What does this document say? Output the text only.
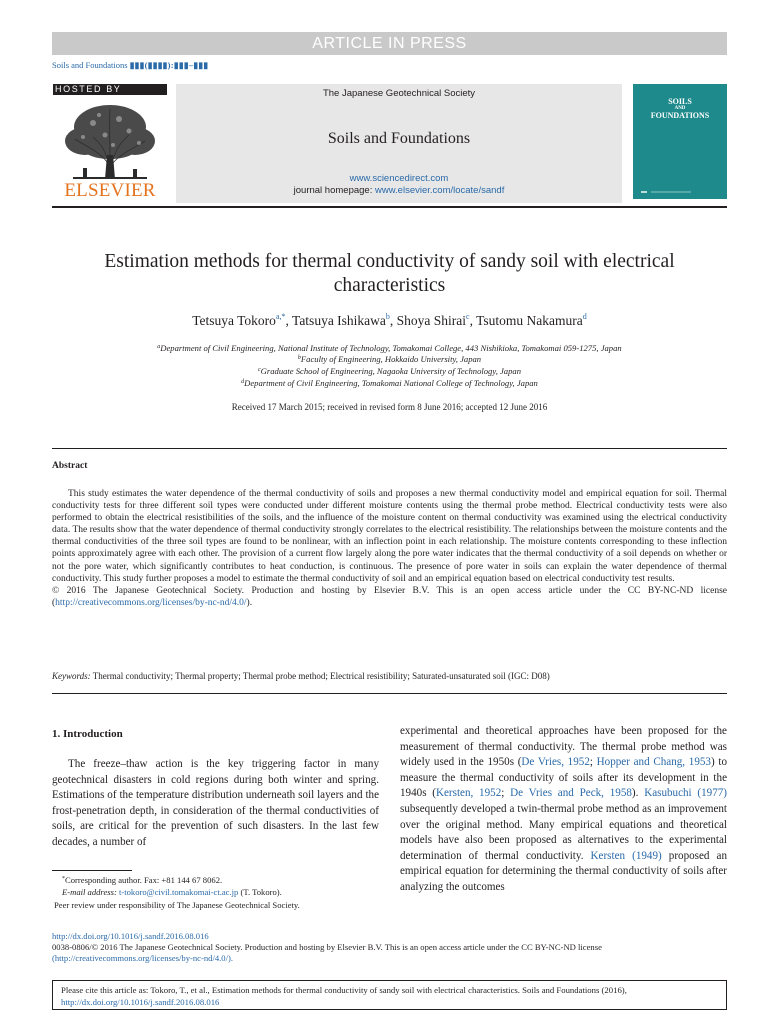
ARTICLE IN PRESS
Soils and Foundations ▮▮▮(▮▮▮▮):▮▮▮–▮▮▮
HOSTED BY
ELSEVIER
The Japanese Geotechnical Society
Soils and Foundations
www.sciencedirect.com
journal homepage: www.elsevier.com/locate/sandf
SOILS
AND
FOUNDATIONS
Estimation methods for thermal conductivity of sandy soil with electrical characteristics
Tetsuya Tokoro$^{a,*}$, Tatsuya Ishikawa$^b$, Shoya Shirai$^c$, Tsutomu Nakamura$^d$
$^a$Department of Civil Engineering, National Institute of Technology, Tomakomai College, 443 Nishikioka, Tomakomai 059-1275, Japan
$^b$Faculty of Engineering, Hokkaido University, Japan
$^c$Graduate School of Engineering, Nagaoka University of Technology, Japan
$^d$Department of Civil Engineering, Tomakomai National College of Technology, Japan
Received 17 March 2015; received in revised form 8 June 2016; accepted 12 June 2016
Abstract

This study estimates the water dependence of the thermal conductivity of soils and proposes a new thermal conductivity model and empirical equation for soil. Thermal conductivity tests for three different soil types were conducted under different moisture contents using the thermal probe method. Electrical conductivity tests were also performed to obtain the electrical resistibilities of the soils, and the influence of the moisture content on thermal conductivity was examined using the electrical conductivity data. The results show that the water dependence of thermal conductivity strongly correlates to the electrical resistibility. The relationships between the moisture contents and the thermal conductivities of the three soil types are found to be nonlinear, with an inflection point in each relationship. The moisture contents corresponding to these inflection points approximately agree with each other. The provision of a current flow largely along the pore water indicates that the thermal conductivity of a soil depends on whether or not the pore water, which significantly contributes to heat conduction, is continuous. The presence of pore water in soils can explain the water dependence of thermal conductivity. This study further proposes a model to estimate the thermal conductivity of soil and an empirical equation based on electrical conductivity test results.

© 2016 The Japanese Geotechnical Society. Production and hosting by Elsevier B.V. This is an open access article under the CC BY-NC-ND license (http://creativecommons.org/licenses/by-nc-nd/4.0/).

Keywords: Thermal conductivity; Thermal property; Thermal probe method; Electrical resistibility; Saturated-unsaturated soil (IGC: D08)
1. Introduction
The freeze–thaw action is the key triggering factor in many geotechnical disasters in cold regions during both winter and spring. Estimations of the temperature distribution underneath soil layers and the frost-penetration depth, in consideration of the thermal conductivities of soils, are critical for the prevention of such disasters. In the last few decades, a number of
*Corresponding author. Fax: +81 144 67 8062.
E-mail address: t-tokoro@civil.tomakomai-ct.ac.jp (T. Tokoro).
Peer review under responsibility of The Japanese Geotechnical Society.
experimental and theoretical approaches have been proposed for the measurement of thermal conductivity. The thermal probe method was widely used in the 1950s (De Vries, 1952; Hopper and Chang, 1953) to measure the thermal conductivity of soils after its development in the 1940s (Kersten, 1952; De Vries and Peck, 1958). Kasubuchi (1977) subsequently developed a twin-thermal probe method as an improvement over the original method. Many empirical equations and theoretical models have also been proposed as alternatives to the experimental determination of thermal conductivity. Kersten (1949) proposed an empirical equation for determining the thermal conductivity of soils after analyzing the outcomes
http://dx.doi.org/10.1016/j.sandf.2016.08.016
0038-0806/© 2016 The Japanese Geotechnical Society. Production and hosting by Elsevier B.V. This is an open access article under the CC BY-NC-ND license
(http://creativecommons.org/licenses/by-nc-nd/4.0/).
Please cite this article as: Tokoro, T., et al., Estimation methods for thermal conductivity of sandy soil with electrical characteristics. Soils and Foundations (2016), http://dx.doi.org/10.1016/j.sandf.2016.08.016
